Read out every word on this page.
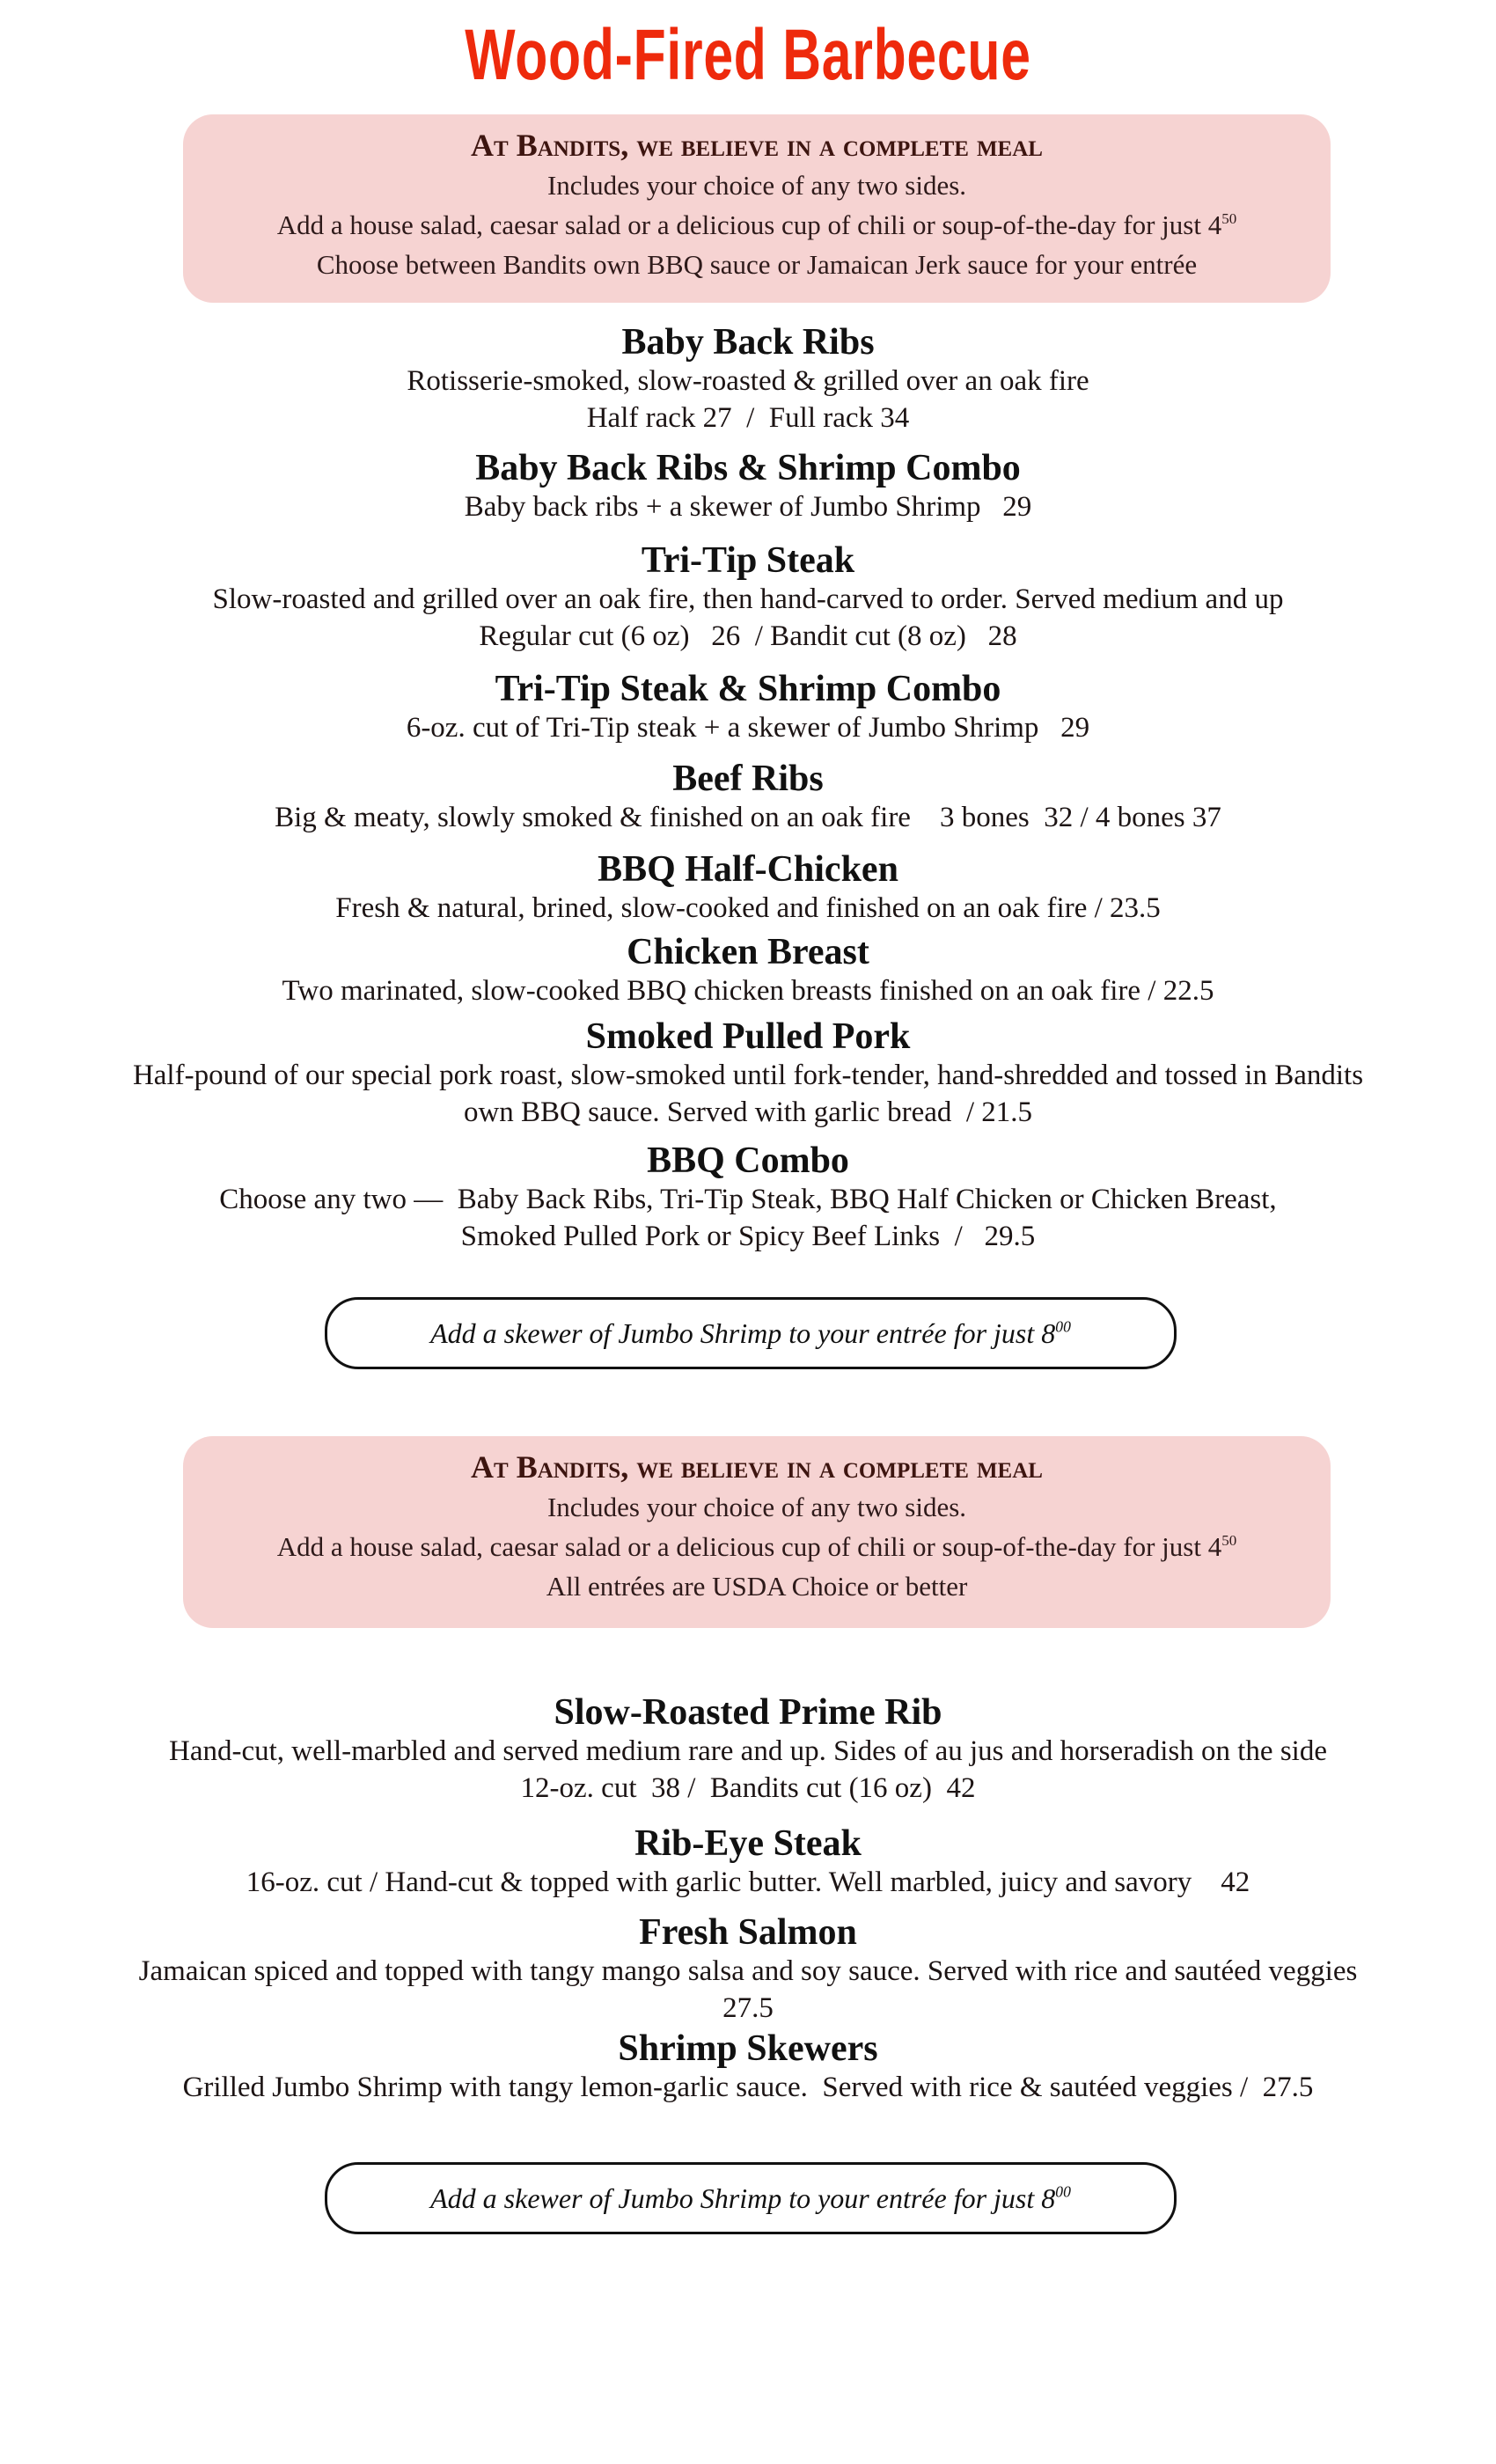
Wood-Fired Barbecue
At Bandits, we believe in a complete meal

Includes your choice of any two sides.

Add a house salad, caesar salad or a delicious cup of chili or soup-of-the-day for just $4^{50}$

Choose between Bandits own BBQ sauce or Jamaican Jerk sauce for your entrée

Baby Back Ribs

Rotisserie-smoked, slow-roasted & grilled over an oak fire

Half rack 27  /  Full rack 34

Baby Back Ribs & Shrimp Combo

Baby back ribs + a skewer of Jumbo Shrimp   29

Tri-Tip Steak

Slow-roasted and grilled over an oak fire, then hand-carved to order. Served medium and up

Regular cut (6 oz)   26  / Bandit cut (8 oz)   28

Tri-Tip Steak & Shrimp Combo

6-oz. cut of Tri-Tip steak + a skewer of Jumbo Shrimp   29

Beef Ribs

Big & meaty, slowly smoked & finished on an oak fire    3 bones  32 / 4 bones 37

BBQ Half-Chicken

Fresh & natural, brined, slow-cooked and finished on an oak fire / 23.5

Chicken Breast

Two marinated, slow-cooked BBQ chicken breasts finished on an oak fire / 22.5

Smoked Pulled Pork

Half-pound of our special pork roast, slow-smoked until fork-tender, hand-shredded and tossed in Bandits

own BBQ sauce. Served with garlic bread  / 21.5

BBQ Combo

Choose any two —  Baby Back Ribs, Tri-Tip Steak, BBQ Half Chicken or Chicken Breast,

Smoked Pulled Pork or Spicy Beef Links  /   29.5

Add a skewer of Jumbo Shrimp to your entrée for just $8^{00}$
At Bandits, we believe in a complete meal

Includes your choice of any two sides.

Add a house salad, caesar salad or a delicious cup of chili or soup-of-the-day for just $4^{50}$

All entrées are USDA Choice or better

Slow-Roasted Prime Rib

Hand-cut, well-marbled and served medium rare and up. Sides of au jus and horseradish on the side

12-oz. cut  38 /  Bandits cut (16 oz)  42

Rib-Eye Steak

16-oz. cut / Hand-cut & topped with garlic butter. Well marbled, juicy and savory    42

Fresh Salmon

Jamaican spiced and topped with tangy mango salsa and soy sauce. Served with rice and sautéed veggies

27.5

Shrimp Skewers

Grilled Jumbo Shrimp with tangy lemon-garlic sauce.  Served with rice & sautéed veggies /  27.5

Add a skewer of Jumbo Shrimp to your entrée for just $8^{00}$
